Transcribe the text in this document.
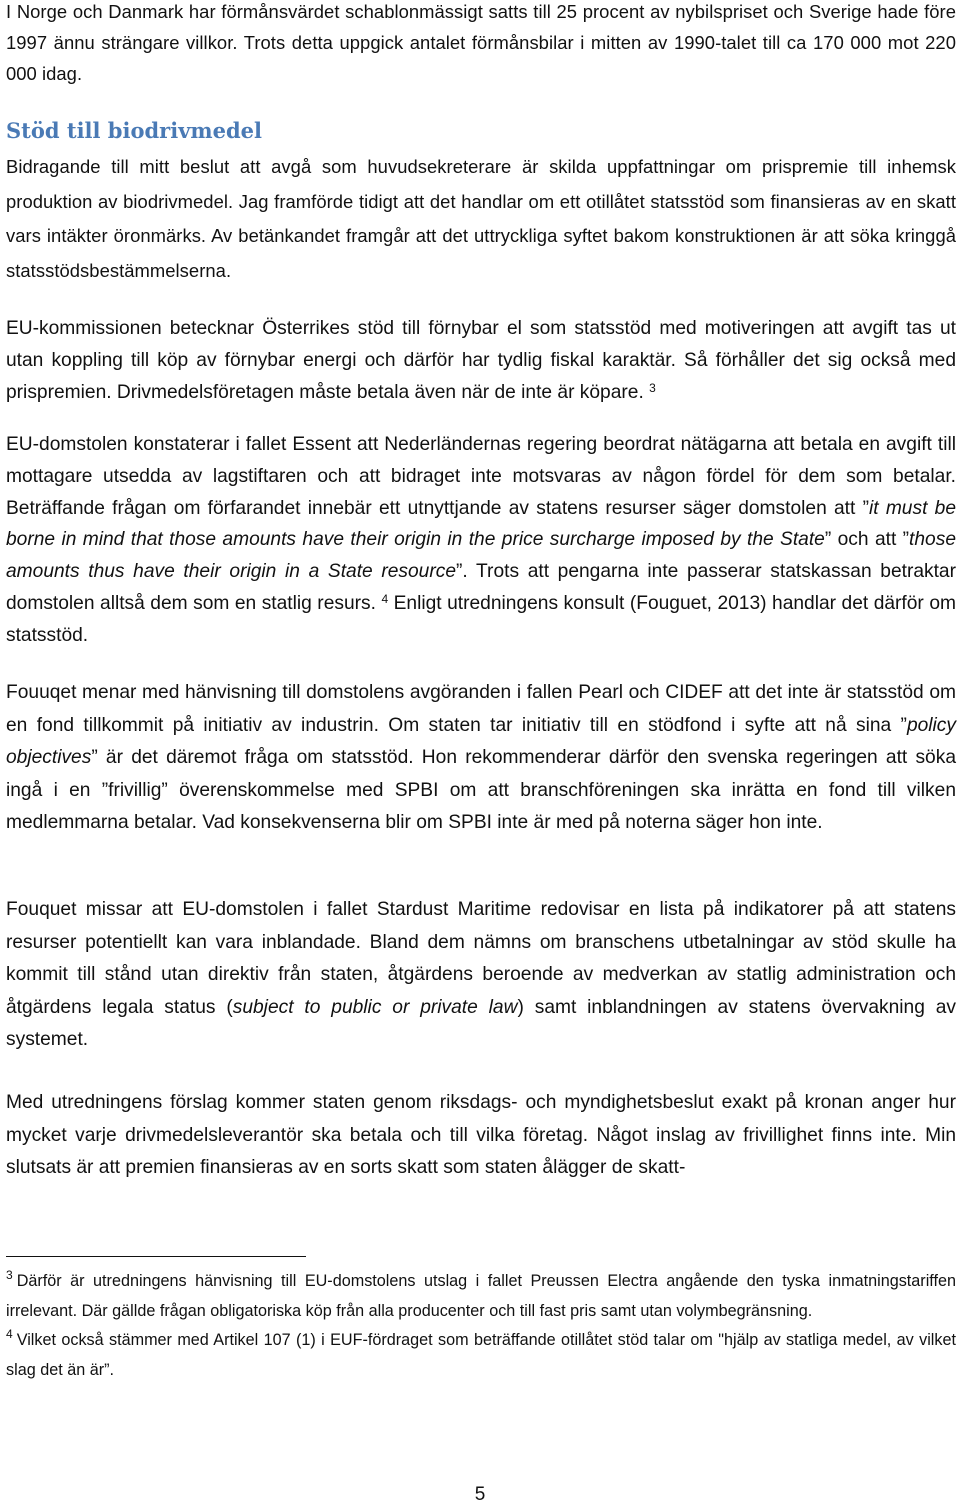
I Norge och Danmark har förmånsvärdet schablonmässigt satts till 25 procent av nybilspriset och Sverige hade före 1997 ännu strängare villkor. Trots detta uppgick antalet förmånsbilar i mitten av 1990-talet till ca 170 000 mot 220 000 idag.

Stöd till biodrivmedel

Bidragande till mitt beslut att avgå som huvudsekreterare är skilda uppfattningar om prispremie till inhemsk produktion av biodrivmedel. Jag framförde tidigt att det handlar om ett otillåtet statsstöd som finansieras av en skatt vars intäkter öronmärks. Av betänkandet framgår att det uttryckliga syftet bakom konstruktionen är att söka kringgå statsstödsbestämmelserna.

EU-kommissionen betecknar Österrikes stöd till förnybar el som statsstöd med motiveringen att avgift tas ut utan koppling till köp av förnybar energi och därför har tydlig fiskal karaktär. Så förhåller det sig också med prispremien. Drivmedelsföretagen måste betala även när de inte är köpare. $^3$

EU-domstolen konstaterar i fallet Essent att Nederländernas regering beordrat nätägarna att betala en avgift till mottagare utsedda av lagstiftaren och att bidraget inte motsvaras av någon fördel för dem som betalar. Beträffande frågan om förfarandet innebär ett utnyttjande av statens resurser säger domstolen att ”it must be borne in mind that those amounts have their origin in the price surcharge imposed by the State” och att ”those amounts thus have their origin in a State resource”. Trots att pengarna inte passerar statskassan betraktar domstolen alltså dem som en statlig resurs. $^4$ Enligt utredningens konsult (Fouguet, 2013) handlar det därför om statsstöd.

Fouuqet menar med hänvisning till domstolens avgöranden i fallen Pearl och CIDEF att det inte är statsstöd om en fond tillkommit på initiativ av industrin. Om staten tar initiativ till en stödfond i syfte att nå sina ”policy objectives” är det däremot fråga om statsstöd. Hon rekommenderar därför den svenska regeringen att söka ingå i en ”frivillig” överenskommelse med SPBI om att branschföreningen ska inrätta en fond till vilken medlemmarna betalar. Vad konsekvenserna blir om SPBI inte är med på noterna säger hon inte.

Fouquet missar att EU-domstolen i fallet Stardust Maritime redovisar en lista på indikatorer på att statens resurser potentiellt kan vara inblandade. Bland dem nämns om branschens utbetalningar av stöd skulle ha kommit till stånd utan direktiv från staten, åtgärdens beroende av medverkan av statlig administration och åtgärdens legala status (subject to public or private law) samt inblandningen av statens övervakning av systemet.

Med utredningens förslag kommer staten genom riksdags- och myndighetsbeslut exakt på kronan anger hur mycket varje drivmedelsleverantör ska betala och till vilka företag. Något inslag av frivillighet finns inte. Min slutsats är att premien finansieras av en sorts skatt som staten ålägger de skatt-

$^3$ Därför är utredningens hänvisning till EU-domstolens utslag i fallet Preussen Electra angående den tyska inmatningstariffen irrelevant. Där gällde frågan obligatoriska köp från alla producenter och till fast pris samt utan volymbegränsning.

$^4$ Vilket också stämmer med Artikel 107 (1) i EUF-fördraget som beträffande otillåtet stöd talar om "hjälp av statliga medel, av vilket slag det än är”.

5
